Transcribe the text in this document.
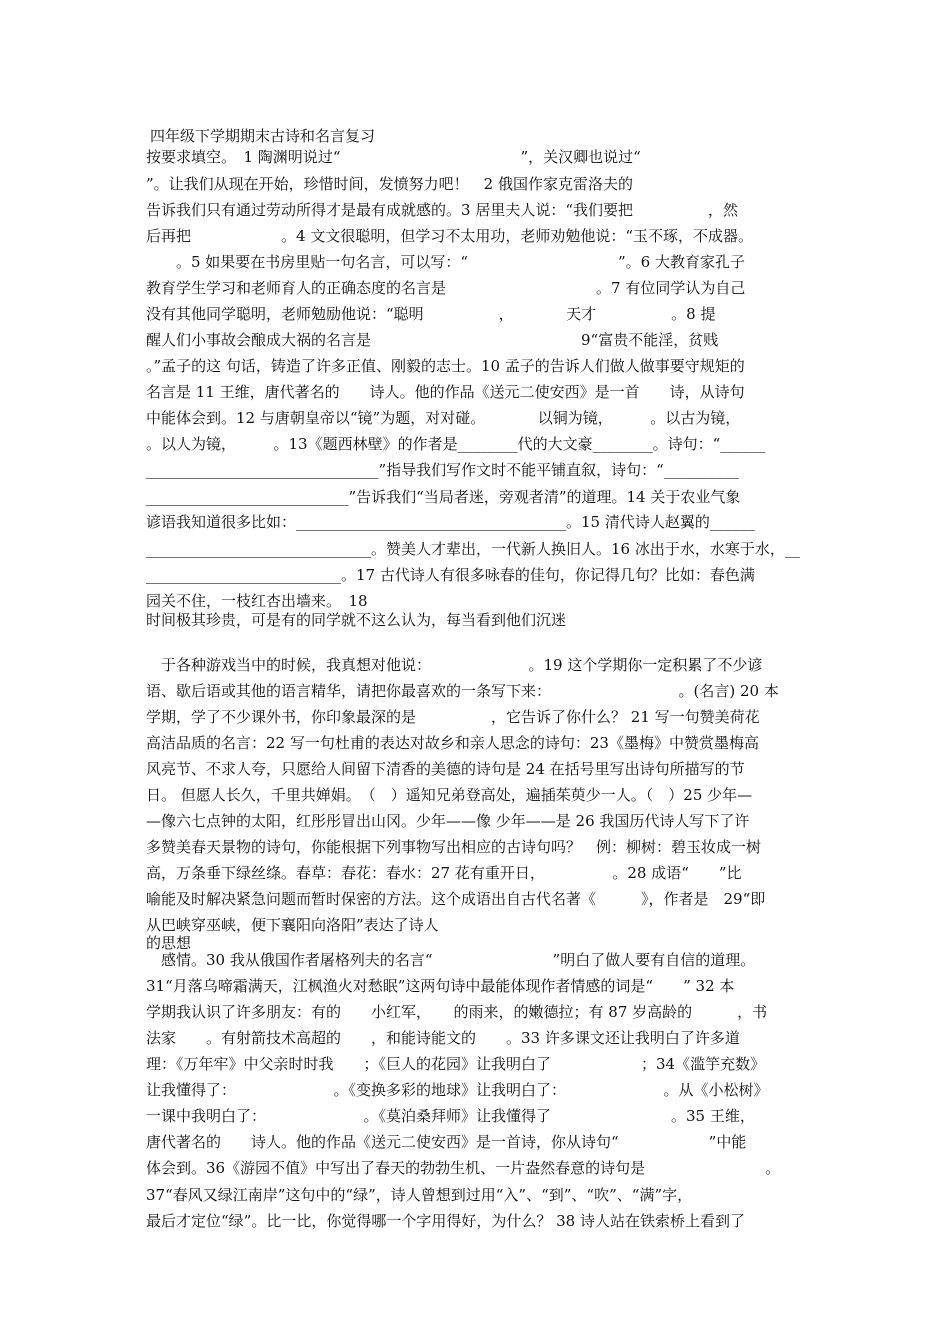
四年级下学期期末古诗和名言复习
按要求填空。　1 陶渊明说过“　　　　　　　　　　　　”，关汉卿也说过“
”。让我们从现在开始，珍惜时间，发愤努力吧！　2 俄国作家克雷洛夫的
告诉我们只有通过劳动所得才是最有成就感的。3 居里夫人说：“我们要把　　　　　，然
后再把　　　　　　。4 文文很聪明，但学习不太用功，老师劝勉他说：“玉不琢，不成器。
　　。5 如果要在书房里贴一句名言，可以写：“　　　　　　　　　　”。6 大教育家孔子
教育学生学习和老师育人的正确态度的名言是　　　　　　　　　　。7 有位同学认为自己
没有其他同学聪明，老师勉励他说：“聪明　　　　　，　　　　天才　　　　　。8 提
醒人们小事故会酿成大祸的名言是　　　　　　　　　　　　　　9“富贵不能淫，贫贱
。”孟子的这 句话，铸造了许多正值、刚毅的志士。10 孟子的告诉人们做人做事要守规矩的
名言是 11 王维，唐代著名的　　诗人。他的作品《送元二使安西》是一首　　诗，从诗句
中能体会到。12 与唐朝皇帝以“镜”为题，对对碰。　　　　以铜为镜，　　　。以古为镜，
。以人为镜，　　　。13《题西林壁》的作者是________代的大文豪________。诗句：“______
_______________________________”指导我们写作文时不能平铺直叙，诗句：“__________
___________________________”告诉我们“当局者迷，旁观者清”的道理。14 关于农业气象
谚语我知道很多比如：____________________________________。15 清代诗人赵翼的______
______________________________。赞美人才辈出，一代新人换旧人。16 冰出于水，水寒于水，__
__________________________。17 古代诗人有很多咏春的佳句，你记得几句？比如：春色满
园关不住，一枝红杏出墙来。　18
时间极其珍贵，可是有的同学就不这么认为，每当看到他们沉迷
　于各种游戏当中的时候，我真想对他说：　　　　　　　。19 这个学期你一定积累了不少谚
语、歇后语或其他的语言精华，请把你最喜欢的一条写下来：　　　　　　　　　。(名言) 20 本
学期，学了不少课外书，你印象最深的是　　　　　，它告诉了你什么？ 21 写一句赞美荷花
高洁品质的名言：22 写一句杜甫的表达对故乡和亲人思念的诗句：23《墨梅》中赞赏墨梅高
风亮节、不求人夸，只愿给人间留下清香的美德的诗句是 24 在括号里写出诗句所描写的节
日。 但愿人长久，千里共婵娟。　（　）遥知兄弟登高处，遍插茱萸少一人。（　）25 少年—
—像六七点钟的太阳，红彤彤冒出山冈。少年——像 少年——是 26 我国历代诗人写下了许
多赞美春天景物的诗句，你能根据下列事物写出相应的古诗句吗？　例：柳树：碧玉妆成一树
高，万条垂下绿丝绦。春草：春花：春水：27 花有重开日，　　　　　。28 成语“　　”比
喻能及时解决紧急问题而暂时保密的方法。这个成语出自古代名著《　　　》，作者是　29“即
从巴峡穿巫峡，便下襄阳向洛阳”表达了诗人
的思想
　感情。30 我从俄国作者屠格列夫的名言“　　　　　　　　”明白了做人要有自信的道理。
31“月落乌啼霜满天，江枫渔火对愁眠”这两句诗中最能体现作者情感的词是“　　” 32 本
学期我认识了许多朋友：有的　　小红军，　　的雨来，的嫩德拉；有 87 岁高龄的　　　，书
法家　　。有射箭技术高超的　　，和能诗能文的　　。33 许多课文还让我明白了许多道
理：《万年牢》中父亲时时我　　；《巨人的花园》让我明白了　　　　　　；34《滥竽充数》
让我懂得了：　　　　　　　。《变换多彩的地球》让我明白了：　　　　　　　。从《小松树》
一课中我明白了：　　　　　　　。《莫泊桑拜师》让我懂得了　　　　　　　　。35 王维，
唐代著名的　　诗人。他的作品《送元二使安西》是一首诗，你从诗句“　　　　　　”中能
体会到。36《游园不值》中写出了春天的勃勃生机、一片盎然春意的诗句是　　　　　　　　。
37“春风又绿江南岸”这句中的“绿”，诗人曾想到过用“入”、“到”、“吹”、“满”字，
最后才定位“绿”。比一比，你觉得哪一个字用得好，为什么？ 38 诗人站在铁索桥上看到了
